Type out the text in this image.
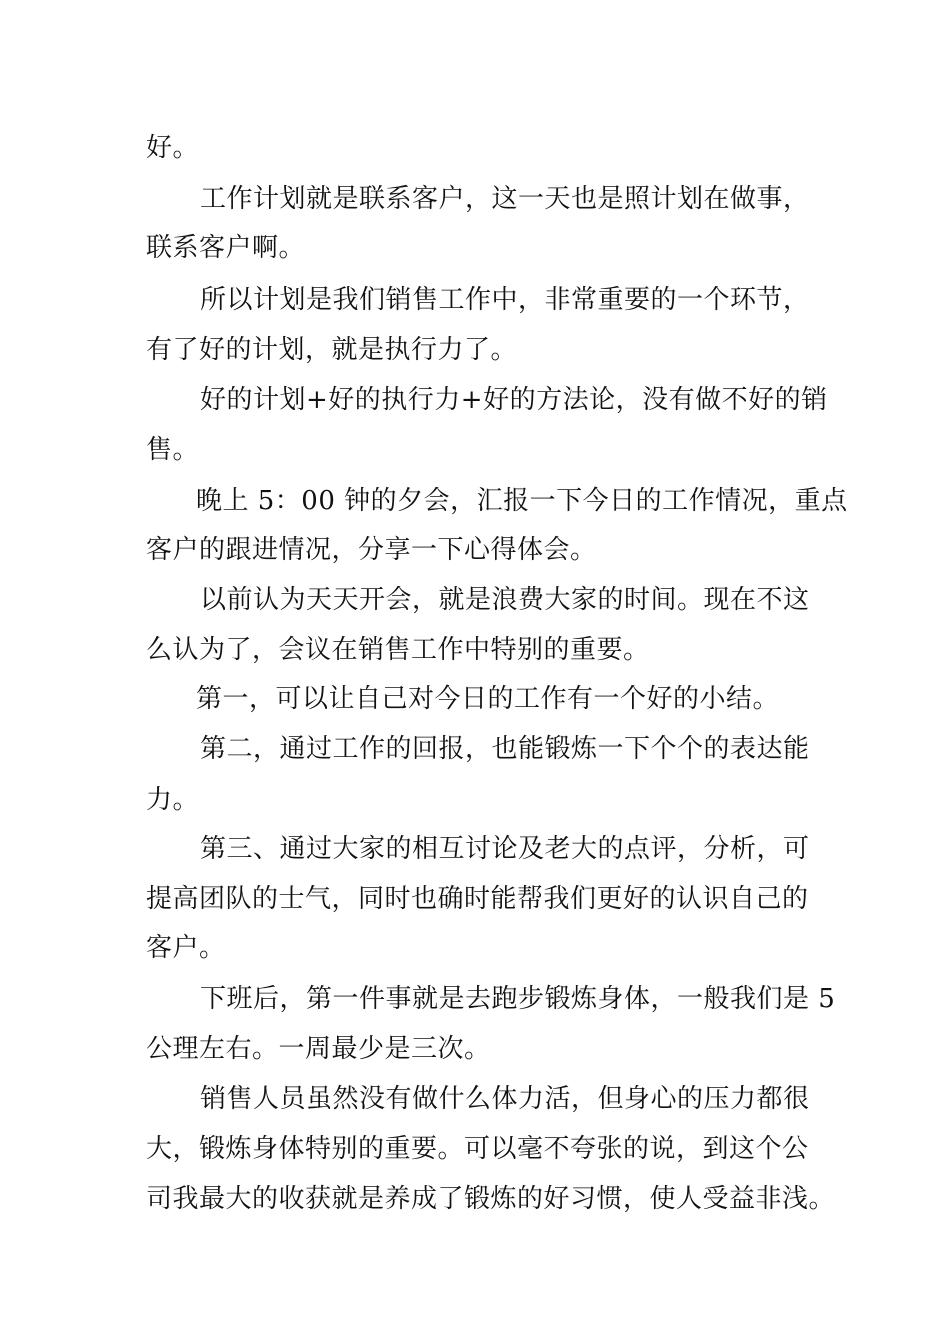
好。
工作计划就是联系客户，这一天也是照计划在做事，
联系客户啊。
所以计划是我们销售工作中，非常重要的一个环节，
有了好的计划，就是执行力了。
好的计划+好的执行力+好的方法论，没有做不好的销
售。
晚上 5：00 钟的夕会，汇报一下今日的工作情况，重点
客户的跟进情况，分享一下心得体会。
以前认为天天开会，就是浪费大家的时间。现在不这
么认为了，会议在销售工作中特别的重要。
第一，可以让自己对今日的工作有一个好的小结。
第二，通过工作的回报，也能锻炼一下个个的表达能
力。
第三、通过大家的相互讨论及老大的点评，分析，可
提高团队的士气，同时也确时能帮我们更好的认识自己的
客户。
下班后，第一件事就是去跑步锻炼身体，一般我们是 5
公理左右。一周最少是三次。
销售人员虽然没有做什么体力活，但身心的压力都很
大，锻炼身体特别的重要。可以毫不夸张的说，到这个公
司我最大的收获就是养成了锻炼的好习惯，使人受益非浅。
